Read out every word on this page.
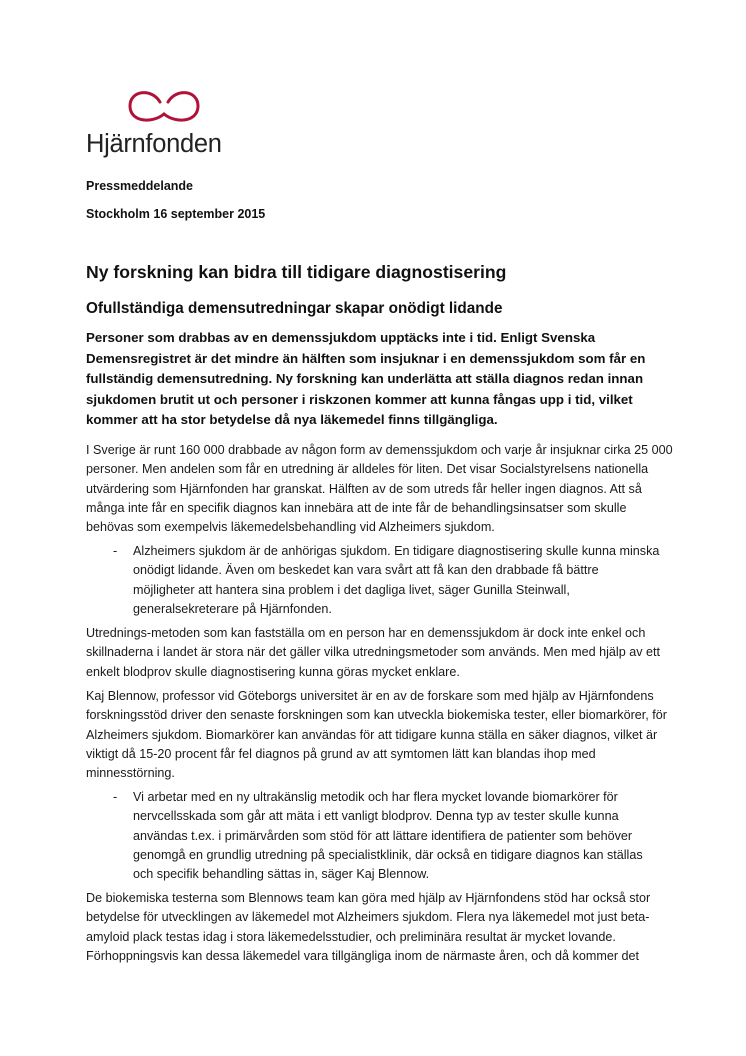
Hjärnfonden
Pressmeddelande
Stockholm 16 september 2015
Ny forskning kan bidra till tidigare diagnostisering
Ofullständiga demensutredningar skapar onödigt lidande

Personer som drabbas av en demenssjukdom upptäcks inte i tid. Enligt Svenska Demensregistret är det mindre än hälften som insjuknar i en demenssjukdom som får en fullständig demensutredning. Ny forskning kan underlätta att ställa diagnos redan innan sjukdomen brutit ut och personer i riskzonen kommer att kunna fångas upp i tid, vilket kommer att ha stor betydelse då nya läkemedel finns tillgängliga.

I Sverige är runt 160 000 drabbade av någon form av demenssjukdom och varje år insjuknar cirka 25 000 personer. Men andelen som får en utredning är alldeles för liten. Det visar Socialstyrelsens nationella utvärdering som Hjärnfonden har granskat. Hälften av de som utreds får heller ingen diagnos. Att så många inte får en specifik diagnos kan innebära att de inte får de behandlingsinsatser som skulle behövas som exempelvis läkemedelsbehandling vid Alzheimers sjukdom.

- Alzheimers sjukdom är de anhörigas sjukdom. En tidigare diagnostisering skulle kunna minska onödigt lidande. Även om beskedet kan vara svårt att få kan den drabbade få bättre möjligheter att hantera sina problem i det dagliga livet, säger Gunilla Steinwall, generalsekreterare på Hjärnfonden.

Utrednings-metoden som kan fastställa om en person har en demenssjukdom är dock inte enkel och skillnaderna i landet är stora när det gäller vilka utredningsmetoder som används. Men med hjälp av ett enkelt blodprov skulle diagnostisering kunna göras mycket enklare.

Kaj Blennow, professor vid Göteborgs universitet är en av de forskare som med hjälp av Hjärnfondens forskningsstöd driver den senaste forskningen som kan utveckla biokemiska tester, eller biomarkörer, för Alzheimers sjukdom. Biomarkörer kan användas för att tidigare kunna ställa en säker diagnos, vilket är viktigt då 15-20 procent får fel diagnos på grund av att symtomen lätt kan blandas ihop med minnesstörning.

- Vi arbetar med en ny ultrakänslig metodik och har flera mycket lovande biomarkörer för nervcellsskada som går att mäta i ett vanligt blodprov. Denna typ av tester skulle kunna användas t.ex. i primärvården som stöd för att lättare identifiera de patienter som behöver genomgå en grundlig utredning på specialistklinik, där också en tidigare diagnos kan ställas och specifik behandling sättas in, säger Kaj Blennow.

De biokemiska testerna som Blennows team kan göra med hjälp av Hjärnfondens stöd har också stor betydelse för utvecklingen av läkemedel mot Alzheimers sjukdom. Flera nya läkemedel mot just beta-amyloid plack testas idag i stora läkemedelsstudier, och preliminära resultat är mycket lovande. Förhoppningsvis kan dessa läkemedel vara tillgängliga inom de närmaste åren, och då kommer det
